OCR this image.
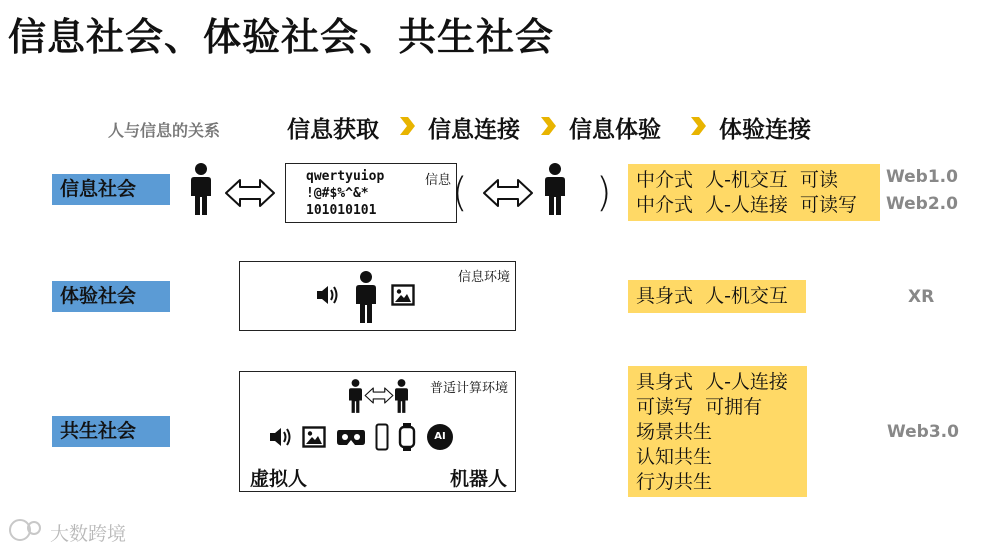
信息社会、体验社会、共生社会
人与信息的关系	信息获取 信息连接 信息体验	体验连接
信息社会
qwertyuiop
!@#$%^&*
101010101
信息 (	)	中介式  人-机交互  可读
中介式  人-人连接  可读写
Web1.0
Web2.0
体验社会
信息环境
具身式  人-机交互	XR
共生社会
普适计算环境
AI
虚拟人	机器人
具身式  人-人连接
可读写  可拥有
场景共生
认知共生
行为共生
Web3.0
大数跨境
